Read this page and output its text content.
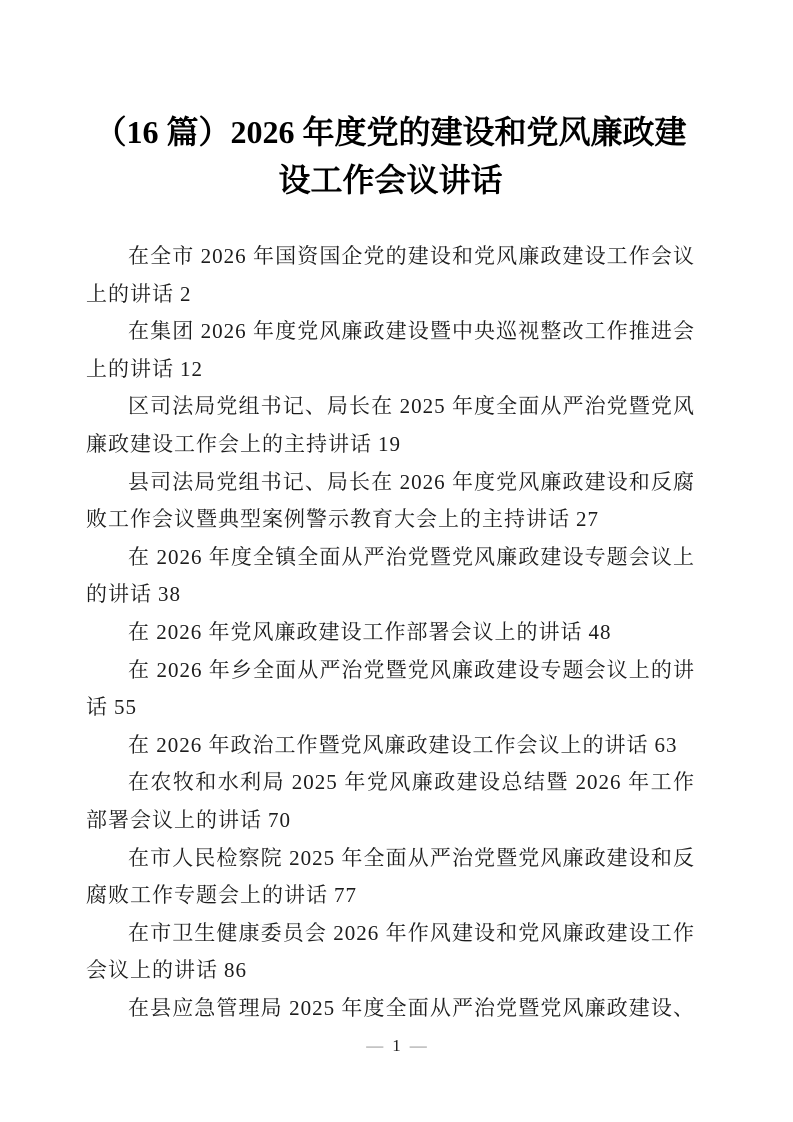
（16 篇）2026 年度党的建设和党风廉政建设工作会议讲话

在全市 2026 年国资国企党的建设和党风廉政建设工作会议上的讲话 2

在集团 2026 年度党风廉政建设暨中央巡视整改工作推进会上的讲话 12

区司法局党组书记、局长在 2025 年度全面从严治党暨党风廉政建设工作会上的主持讲话 19

县司法局党组书记、局长在 2026 年度党风廉政建设和反腐败工作会议暨典型案例警示教育大会上的主持讲话 27

在 2026 年度全镇全面从严治党暨党风廉政建设专题会议上的讲话 38

在 2026 年党风廉政建设工作部署会议上的讲话 48

在 2026 年乡全面从严治党暨党风廉政建设专题会议上的讲话 55

在 2026 年政治工作暨党风廉政建设工作会议上的讲话 63

在农牧和水利局 2025 年党风廉政建设总结暨 2026 年工作部署会议上的讲话 70

在市人民检察院 2025 年全面从严治党暨党风廉政建设和反腐败工作专题会上的讲话 77

在市卫生健康委员会 2026 年作风建设和党风廉政建设工作会议上的讲话 86

在县应急管理局 2025 年度全面从严治党暨党风廉政建设、

— 1 —
